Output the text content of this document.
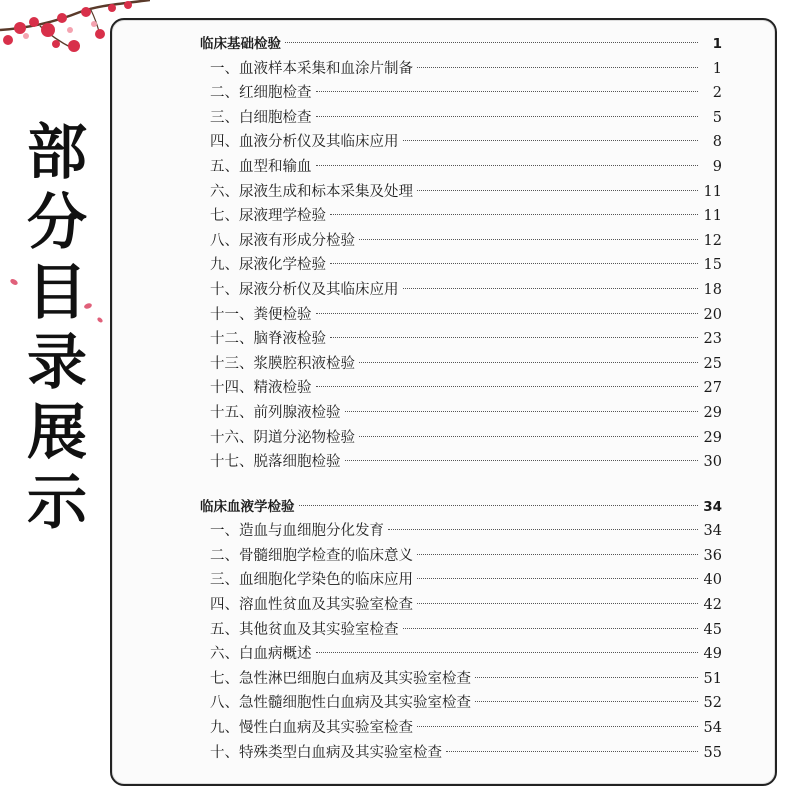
部
分
目
录
展
示
临床基础检验	1
一、血液样本采集和血涂片制备	1
二、红细胞检查	2
三、白细胞检查	5
四、血液分析仪及其临床应用	8
五、血型和输血	9
六、尿液生成和标本采集及处理	11
七、尿液理学检验	11
八、尿液有形成分检验	12
九、尿液化学检验	15
十、尿液分析仪及其临床应用	18
十一、粪便检验	20
十二、脑脊液检验	23
十三、浆膜腔积液检验	25
十四、精液检验	27
十五、前列腺液检验	29
十六、阴道分泌物检验	29
十七、脱落细胞检验	30
临床血液学检验	34
一、造血与血细胞分化发育	34
二、骨髓细胞学检查的临床意义	36
三、血细胞化学染色的临床应用	40
四、溶血性贫血及其实验室检查	42
五、其他贫血及其实验室检查	45
六、白血病概述	49
七、急性淋巴细胞白血病及其实验室检查	51
八、急性髓细胞性白血病及其实验室检查	52
九、慢性白血病及其实验室检查	54
十、特殊类型白血病及其实验室检查	55
